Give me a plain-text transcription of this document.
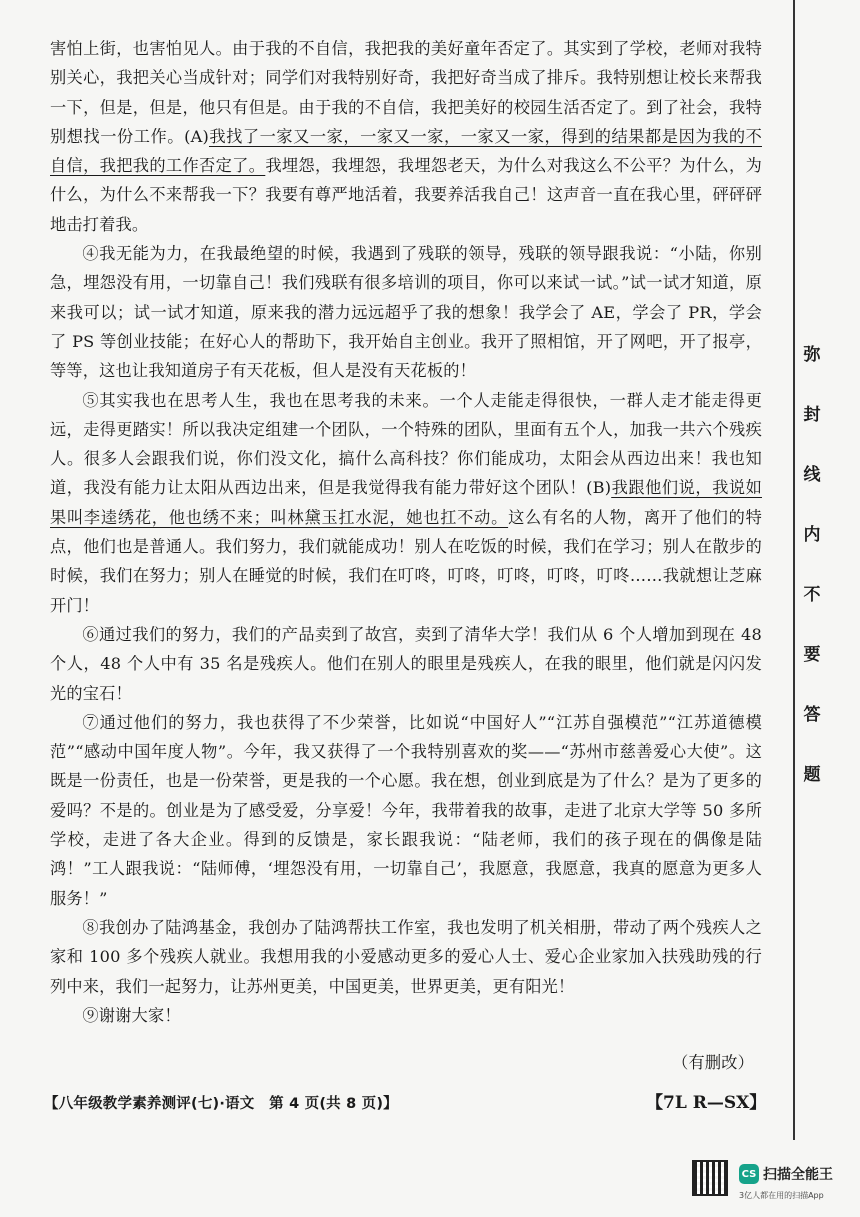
害怕上街，也害怕见人。由于我的不自信，我把我的美好童年否定了。其实到了学校，老师对我特别关心，我把关心当成针对；同学们对我特别好奇，我把好奇当成了排斥。我特别想让校长来帮我一下，但是，但是，他只有但是。由于我的不自信，我把美好的校园生活否定了。到了社会，我特别想找一份工作。(A)我找了一家又一家，一家又一家，一家又一家，得到的结果都是因为我的不自信，我把我的工作否定了。我埋怨，我埋怨，我埋怨老天，为什么对我这么不公平？为什么，为什么，为什么不来帮我一下？我要有尊严地活着，我要养活我自己！这声音一直在我心里，砰砰砰地击打着我。

④我无能为力，在我最绝望的时候，我遇到了残联的领导，残联的领导跟我说：“小陆，你别急，埋怨没有用，一切靠自己！我们残联有很多培训的项目，你可以来试一试。”试一试才知道，原来我可以；试一试才知道，原来我的潜力远远超乎了我的想象！我学会了 AE，学会了 PR，学会了 PS 等创业技能；在好心人的帮助下，我开始自主创业。我开了照相馆，开了网吧，开了报亭，等等，这也让我知道房子有天花板，但人是没有天花板的！

⑤其实我也在思考人生，我也在思考我的未来。一个人走能走得很快，一群人走才能走得更远，走得更踏实！所以我决定组建一个团队，一个特殊的团队，里面有五个人，加我一共六个残疾人。很多人会跟我们说，你们没文化，搞什么高科技？你们能成功，太阳会从西边出来！我也知道，我没有能力让太阳从西边出来，但是我觉得我有能力带好这个团队！(B)我跟他们说，我说如果叫李逵绣花，他也绣不来；叫林黛玉扛水泥，她也扛不动。这么有名的人物，离开了他们的特点，他们也是普通人。我们努力，我们就能成功！别人在吃饭的时候，我们在学习；别人在散步的时候，我们在努力；别人在睡觉的时候，我们在叮咚，叮咚，叮咚，叮咚，叮咚……我就想让芝麻开门！

⑥通过我们的努力，我们的产品卖到了故宫，卖到了清华大学！我们从 6 个人增加到现在 48 个人，48 个人中有 35 名是残疾人。他们在别人的眼里是残疾人，在我的眼里，他们就是闪闪发光的宝石！

⑦通过他们的努力，我也获得了不少荣誉，比如说“中国好人”“江苏自强模范”“江苏道德模范”“感动中国年度人物”。今年，我又获得了一个我特别喜欢的奖——“苏州市慈善爱心大使”。这既是一份责任，也是一份荣誉，更是我的一个心愿。我在想，创业到底是为了什么？是为了更多的爱吗？不是的。创业是为了感受爱，分享爱！今年，我带着我的故事，走进了北京大学等 50 多所学校，走进了各大企业。得到的反馈是，家长跟我说：“陆老师，我们的孩子现在的偶像是陆鸿！”工人跟我说：“陆师傅，‘埋怨没有用，一切靠自己’，我愿意，我愿意，我真的愿意为更多人服务！”

⑧我创办了陆鸿基金，我创办了陆鸿帮扶工作室，我也发明了机关相册，带动了两个残疾人之家和 100 多个残疾人就业。我想用我的小爱感动更多的爱心人士、爱心企业家加入扶残助残的行列中来，我们一起努力，让苏州更美，中国更美，世界更美，更有阳光！

⑨谢谢大家！

（有删改）

【八年级教学素养测评(七)·语文　第 4 页(共 8 页)】	【7L R—SX】
弥
封
线
内
不
要
答
题
CS 扫描全能王
3亿人都在用的扫描App
